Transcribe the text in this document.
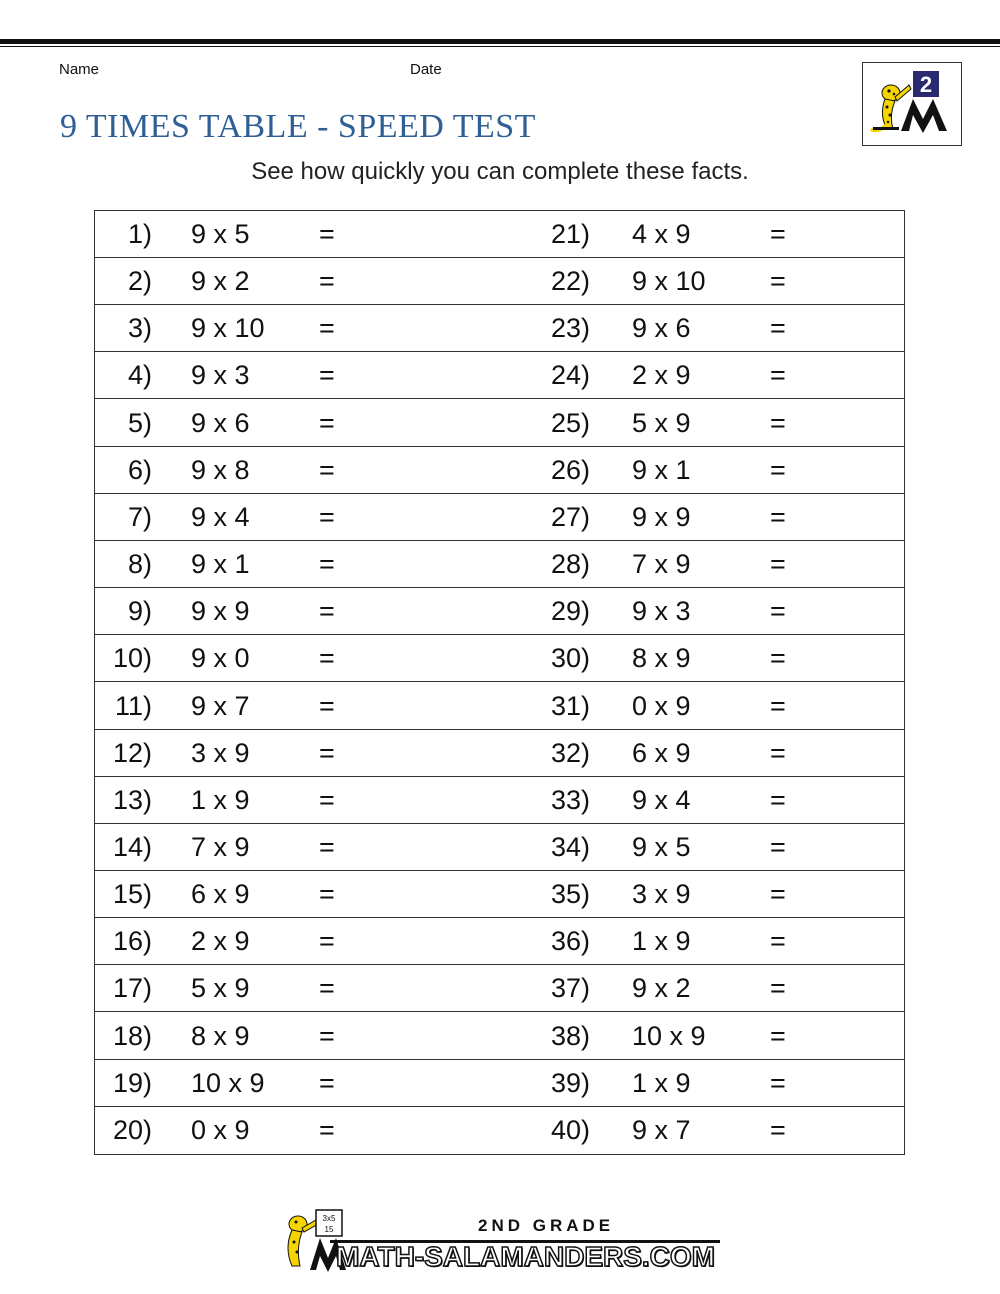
Name	Date
2
9 TIMES TABLE - SPEED TEST
See how quickly you can complete these facts.
1) 9 x 5	=	21) 4 x 9	=
2) 9 x 2	=	22) 9 x 10 =
3) 9 x 10 =	23) 9 x 6	=
4) 9 x 3	=	24) 2 x 9	=
5) 9 x 6	=	25) 5 x 9	=
6) 9 x 8	=	26) 9 x 1	=
7) 9 x 4	=	27) 9 x 9	=
8) 9 x 1	=	28) 7 x 9	=
9) 9 x 9	=	29) 9 x 3	=
10) 9 x 0	=	30) 8 x 9	=
11) 9 x 7	=	31) 0 x 9	=
12) 3 x 9	=	32) 6 x 9	=
13) 1 x 9	=	33) 9 x 4	=
14) 7 x 9	=	34) 9 x 5	=
15) 6 x 9	=	35) 3 x 9	=
16) 2 x 9	=	36) 1 x 9	=
17) 5 x 9	=	37) 9 x 2	=
18) 8 x 9	=	38) 10 x 9 =
19) 10 x 9 =	39) 1 x 9	=
20) 0 x 9	=	40) 9 x 7	=
3x5
15	2ND GRADE
MATH-SALAMANDERS.COM
